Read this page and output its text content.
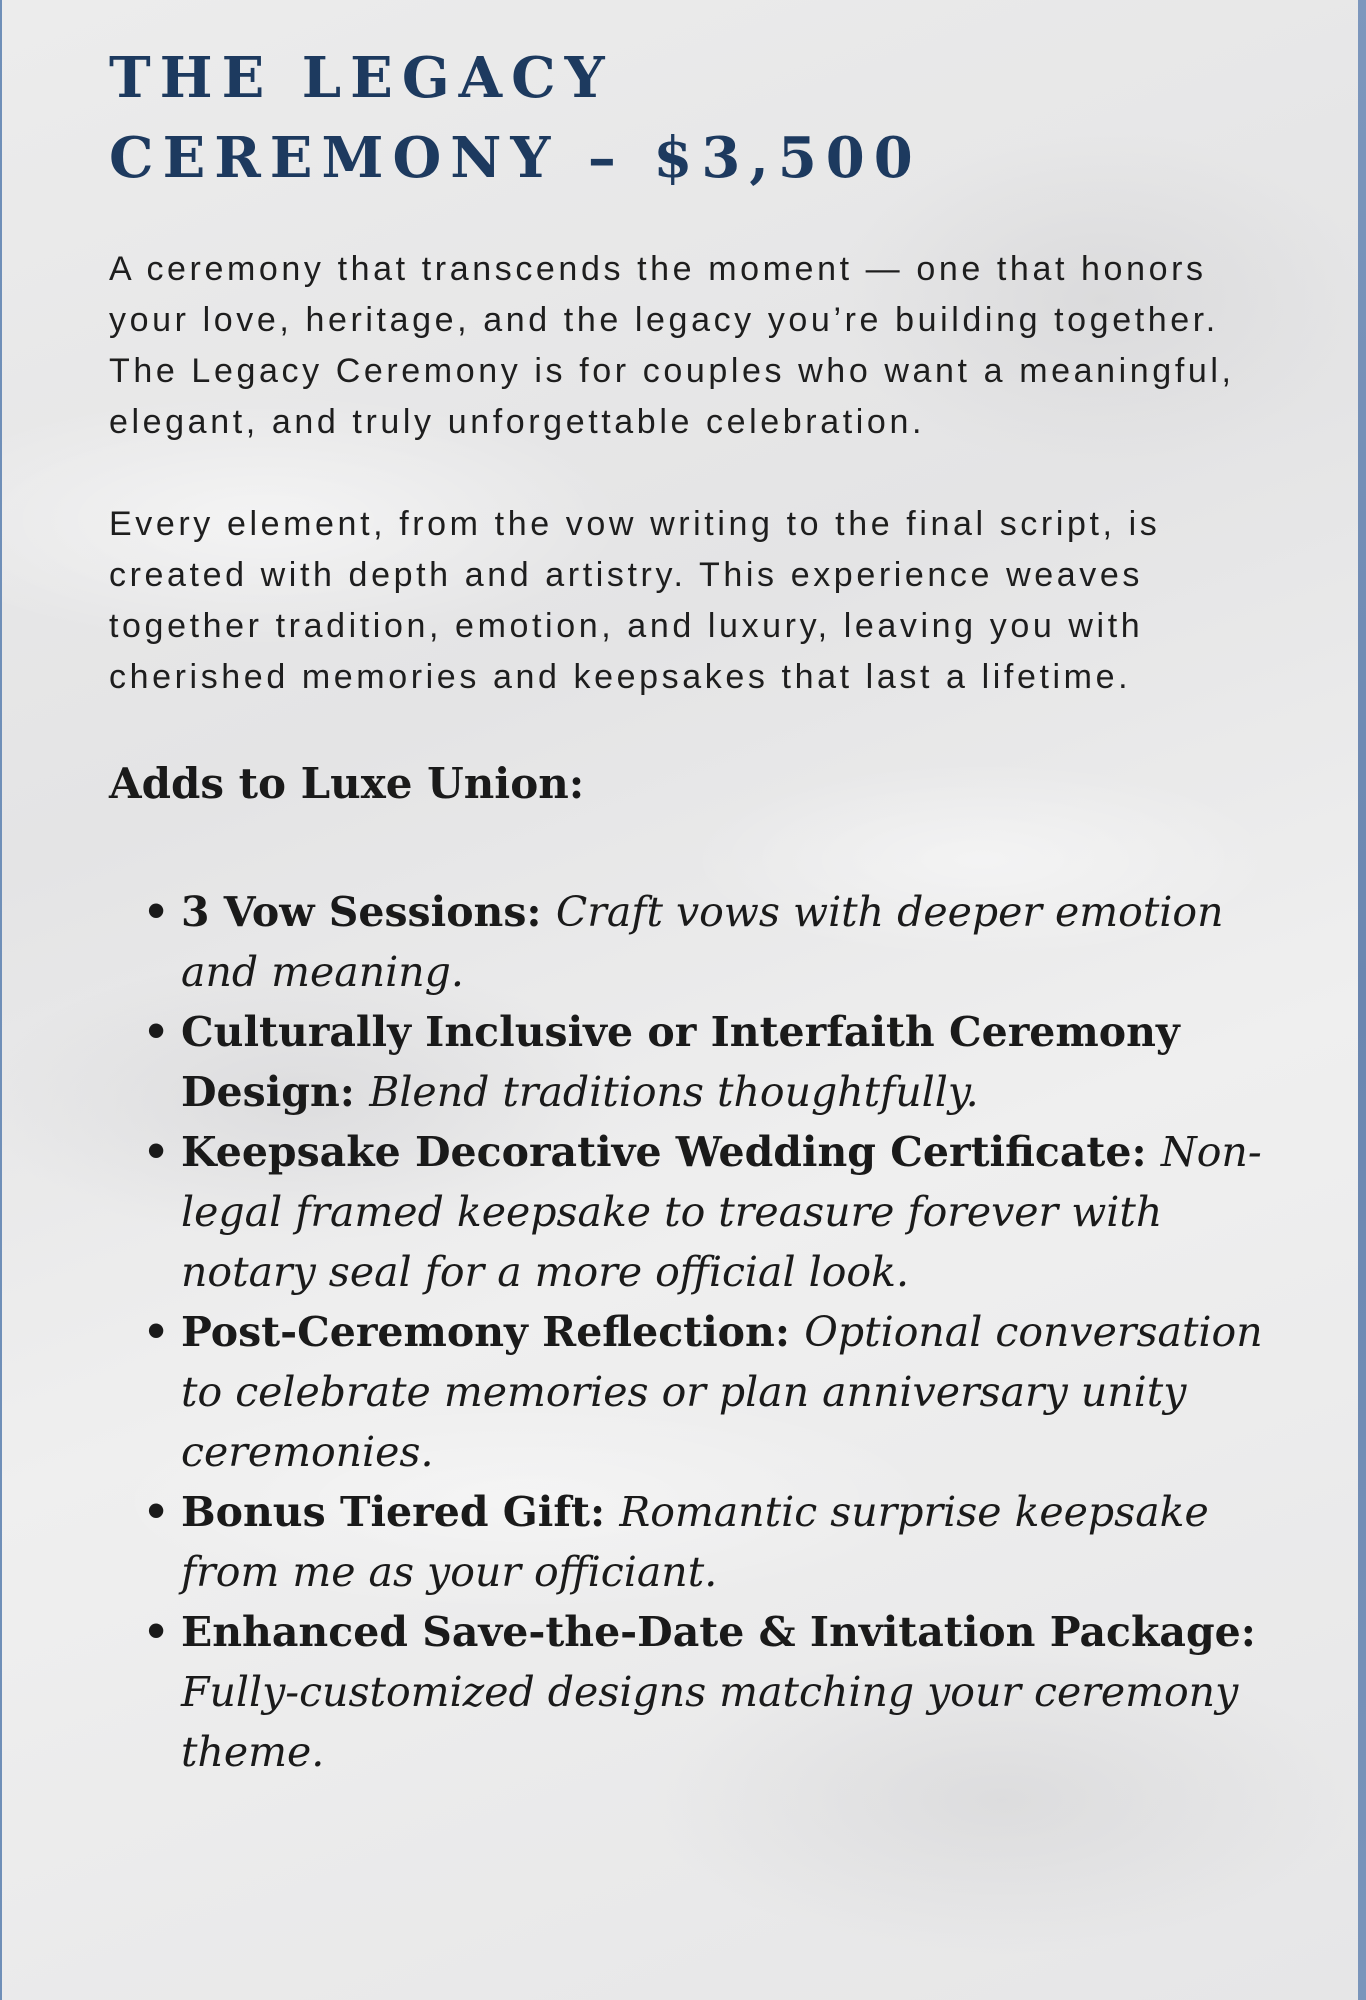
THE LEGACY
CEREMONY – $3,500

A ceremony that transcends the moment — one that honors your love, heritage, and the legacy you’re building together. The Legacy Ceremony is for couples who want a meaningful, elegant, and truly unforgettable celebration.

Every element, from the vow writing to the final script, is created with depth and artistry. This experience weaves together tradition, emotion, and luxury, leaving you with cherished memories and keepsakes that last a lifetime.

Adds to Luxe Union:
• 3 Vow Sessions: Craft vows with deeper emotion and meaning.
• Culturally Inclusive or Interfaith Ceremony Design: Blend traditions thoughtfully.
• Keepsake Decorative Wedding Certificate: Non-legal framed keepsake to treasure forever with notary seal for a more official look.
• Post-Ceremony Reflection: Optional conversation to celebrate memories or plan anniversary unity ceremonies.
• Bonus Tiered Gift: Romantic surprise keepsake from me as your officiant.
• Enhanced Save-the-Date & Invitation Package: Fully-customized designs matching your ceremony theme.
